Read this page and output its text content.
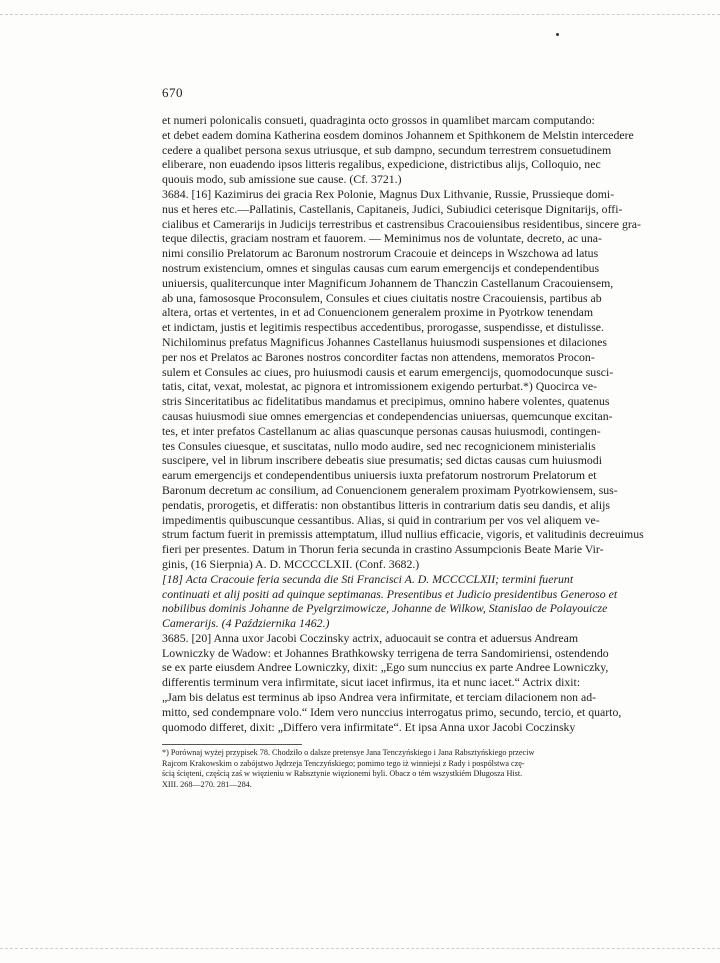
670
et numeri polonicalis consueti, quadraginta octo grossos in quamlibet marcam computando:
et debet eadem domina Katherina eosdem dominos Johannem et Spithkonem de Melstin intercedere
cedere a qualibet persona sexus utriusque, et sub dampno, secundum terrestrem consuetudinem
eliberare, non euadendo ipsos litteris regalibus, expedicione, districtibus alijs, Colloquio, nec
quouis modo, sub amissione sue cause. (Cf. 3721.)
3684. [16] Kazimirus dei gracia Rex Polonie, Magnus Dux Lithvanie, Russie, Prussieque domi-
nus et heres etc.—Pallatinis, Castellanis, Capitaneis, Judici, Subiudici ceterisque Dignitarijs, offi-
cialibus et Camerarijs in Judicijs terrestribus et castrensibus Cracouiensibus residentibus, sincere gra-
teque dilectis, graciam nostram et fauorem. — Meminimus nos de voluntate, decreto, ac una-
nimi consilio Prelatorum ac Baronum nostrorum Cracouie et deinceps in Wszchowa ad latus
nostrum existencium, omnes et singulas causas cum earum emergencijs et condependentibus
uniuersis, qualitercunque inter Magnificum Johannem de Thanczin Castellanum Cracouiensem,
ab una, famososque Proconsulem, Consules et ciues ciuitatis nostre Cracouiensis, partibus ab
altera, ortas et vertentes, in et ad Conuencionem generalem proxime in Pyotrkow tenendam
et indictam, justis et legitimis respectibus accedentibus, prorogasse, suspendisse, et distulisse.
Nichilominus prefatus Magnificus Johannes Castellanus huiusmodi suspensiones et dilaciones
per nos et Prelatos ac Barones nostros concorditer factas non attendens, memoratos Procon-
sulem et Consules ac ciues, pro huiusmodi causis et earum emergencijs, quomodocunque susci-
tatis, citat, vexat, molestat, ac pignora et intromissionem exigendo perturbat.*) Quocirca ve-
stris Sinceritatibus ac fidelitatibus mandamus et precipimus, omnino habere volentes, quatenus
causas huiusmodi siue omnes emergencias et condependencias uniuersas, quemcunque excitan-
tes, et inter prefatos Castellanum ac alias quascunque personas causas huiusmodi, contingen-
tes Consules ciuesque, et suscitatas, nullo modo audire, sed nec recognicionem ministerialis
suscipere, vel in librum inscribere debeatis siue presumatis; sed dictas causas cum huiusmodi
earum emergencijs et condependentibus uniuersis iuxta prefatorum nostrorum Prelatorum et
Baronum decretum ac consilium, ad Conuencionem generalem proximam Pyotrkowiensem, sus-
pendatis, prorogetis, et differatis: non obstantibus litteris in contrarium datis seu dandis, et alijs
impedimentis quibuscunque cessantibus. Alias, si quid in contrarium per vos vel aliquem ve-
strum factum fuerit in premissis attemptatum, illud nullius efficacie, vigoris, et valitudinis decreuimus
fieri per presentes. Datum in Thorun feria secunda in crastino Assumpcionis Beate Marie Vir-
ginis, (16 Sierpnia) A. D. MCCCCLXII. (Conf. 3682.)
[18] Acta Cracouie feria secunda die Sti Francisci A. D. MCCCCLXII; termini fuerunt
continuati et alij positi ad quinque septimanas. Presentibus et Judicio presidentibus Generoso et
nobilibus dominis Johanne de Pyelgrzimowicze, Johanne de Wilkow, Stanislao de Polayouicze
Camerarijs. (4 Października 1462.)
3685. [20] Anna uxor Jacobi Coczinsky actrix, aduocauit se contra et aduersus Andream
Lowniczky de Wadow: et Johannes Brathkowsky terrigena de terra Sandomiriensi, ostendendo
se ex parte eiusdem Andree Lowniczky, dixit: „Ego sum nunccius ex parte Andree Lowniczky,
differentis terminum vera infirmitate, sicut iacet infirmus, ita et nunc iacet.“ Actrix dixit:
„Jam bis delatus est terminus ab ipso Andrea vera infirmitate, et terciam dilacionem non ad-
mitto, sed condempnare volo.“ Idem vero nunccius interrogatus primo, secundo, tercio, et quarto,
quomodo differet, dixit: „Differo vera infirmitate“. Et ipsa Anna uxor Jacobi Coczinsky
*) Porównaj wyżej przypisek 78. Chodziło o dalsze pretensye Jana Tenczyńskiego i Jana Rabsztyńskiego przeciw
Rajcom Krakowskim o zabójstwo Jędrzeja Tenczyńskiego; pomimo tego iż winniejsi z Rady i pospólstwa czę-
ścią ścięteni, częścią zaś w więzieniu w Rabsztynie więzionemi byli. Obacz o tém wszystkiém Długosza Hist.
XIII. 268—270. 281—284.
